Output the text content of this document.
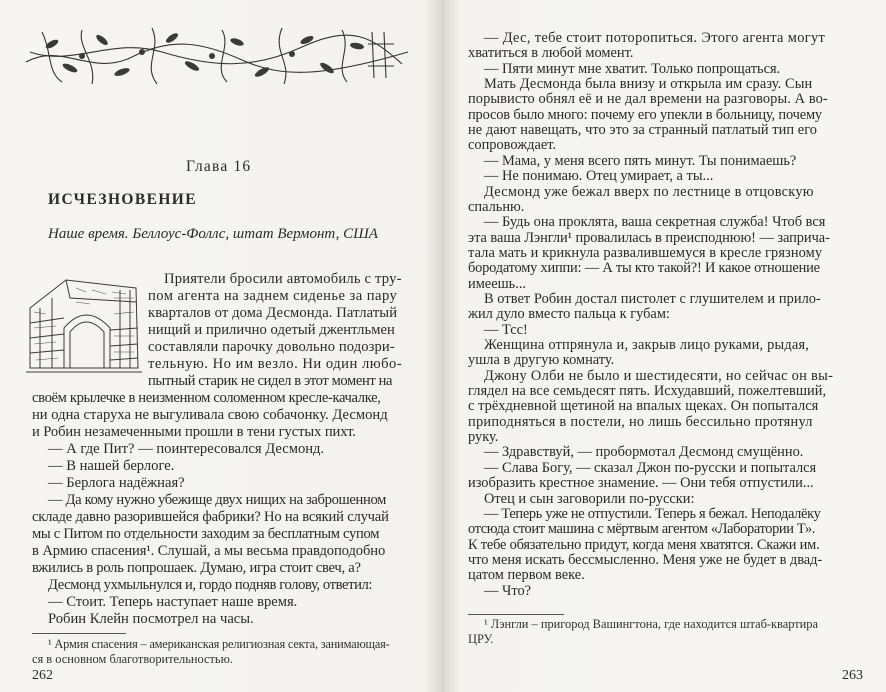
Глава 16
ИСЧЕЗНОВЕНИЕ
Наше время. Беллоус-Фоллс, штат Вермонт, США
Приятели бросили автомобиль с тру-
пом агента на заднем сиденье за пару
кварталов от дома Десмонда. Патлатый
нищий и прилично одетый джентльмен
составляли парочку довольно подозри-
тельную. Но им везло. Ни один любо-
пытный старик не сидел в этот момент на
своём крылечке в неизменном соломенном кресле-качалке,
ни одна старуха не выгуливала свою собачонку. Десмонд
и Робин незамеченными прошли в тени густых пихт.
— А где Пит? — поинтересовался Десмонд.
— В нашей берлоге.
— Берлога надёжная?
— Да кому нужно убежище двух нищих на заброшенном
складе давно разорившейся фабрики? Но на всякий случай
мы с Питом по отдельности заходим за бесплатным супом
в Армию спасения¹. Слушай, а мы весьма правдоподобно
вжились в роль попрошаек. Думаю, игра стоит свеч, а?
Десмонд ухмыльнулся и, гордо подняв голову, ответил:
— Стоит. Теперь наступает наше время.
Робин Клейн посмотрел на часы.
¹ Армия спасения – американская религиозная секта, занимающая-
ся в основном благотворительностью.
262
— Дес, тебе стоит поторопиться. Этого агента могут
хватиться в любой момент.
— Пяти минут мне хватит. Только попрощаться.
Мать Десмонда была внизу и открыла им сразу. Сын
порывисто обнял её и не дал времени на разговоры. А во-
просов было много: почему его упекли в больницу, почему
не дают навещать, что это за странный патлатый тип его
сопровождает.
— Мама, у меня всего пять минут. Ты понимаешь?
— Не понимаю. Отец умирает, а ты...
Десмонд уже бежал вверх по лестнице в отцовскую
спальню.
— Будь она проклята, ваша секретная служба! Чтоб вся
эта ваша Лэнгли¹ провалилась в преисподнюю! — заприча-
тала мать и крикнула развалившемуся в кресле грязному
бородатому хиппи: — А ты кто такой?! И какое отношение
имеешь...
В ответ Робин достал пистолет с глушителем и прило-
жил дуло вместо пальца к губам:
— Тсс!
Женщина отпрянула и, закрыв лицо руками, рыдая,
ушла в другую комнату.
Джону Олби не было и шестидесяти, но сейчас он вы-
глядел на все семьдесят пять. Исхудавший, пожелтевший,
с трёхдневной щетиной на впалых щеках. Он попытался
приподняться в постели, но лишь бессильно протянул
руку.
— Здравствуй, — пробормотал Десмонд смущённо.
— Слава Богу, — сказал Джон по-русски и попытался
изобразить крестное знамение. — Они тебя отпустили...
Отец и сын заговорили по-русски:
— Теперь уже не отпустили. Теперь я бежал. Неподалёку
отсюда стоит машина с мёртвым агентом «Лаборатории Т».
К тебе обязательно придут, когда меня хватятся. Скажи им.
что меня искать бессмысленно. Меня уже не будет в двад-
цатом первом веке.
— Что?
¹ Лэнгли – пригород Вашингтона, где находится штаб-квартира
ЦРУ.
263
